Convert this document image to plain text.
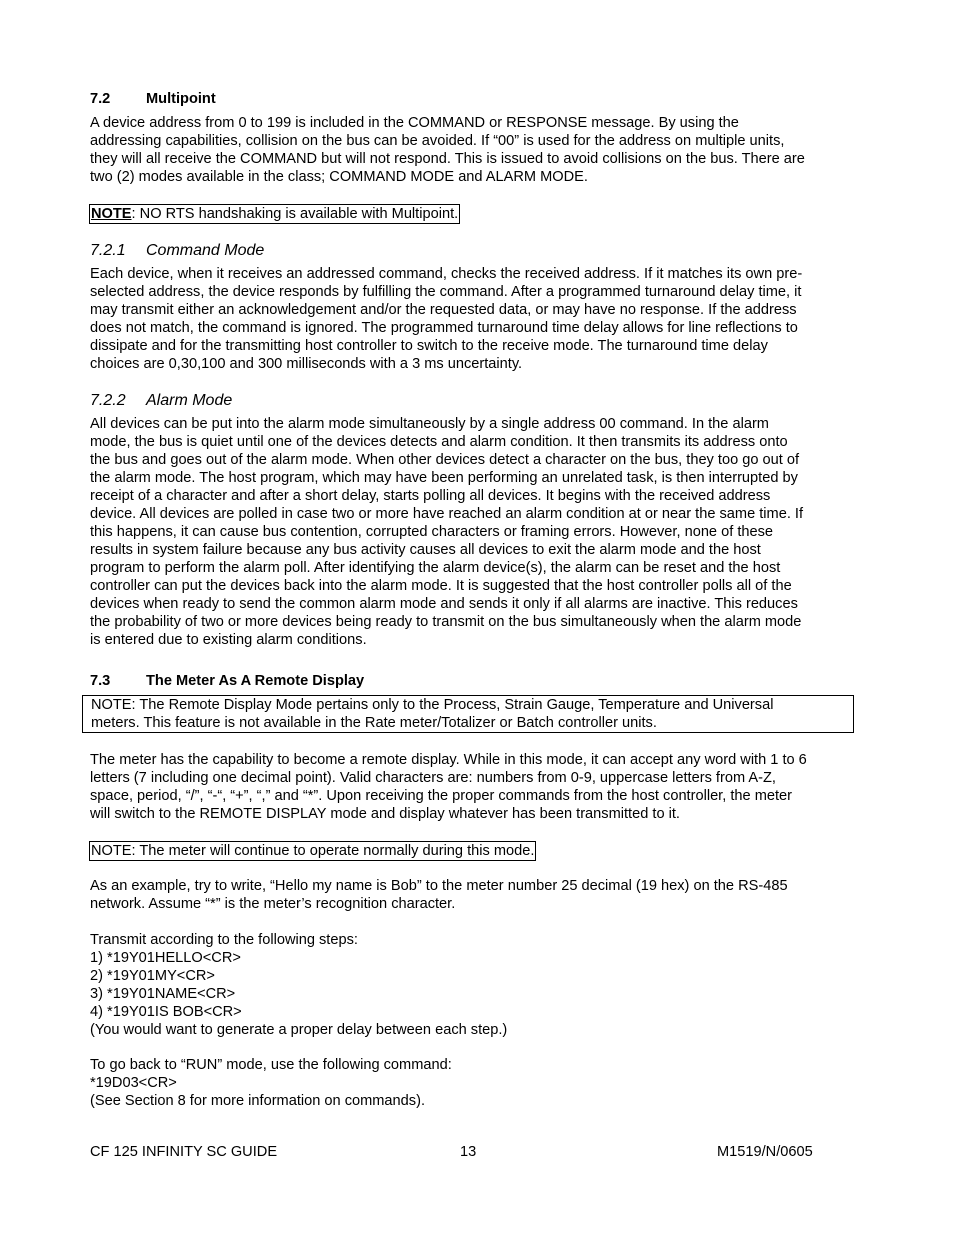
7.2 Multipoint
A device address from 0 to 199 is included in the COMMAND or RESPONSE message. By using the
addressing capabilities, collision on the bus can be avoided. If “00” is used for the address on multiple units,
they will all receive the COMMAND but will not respond. This is issued to avoid collisions on the bus. There are
two (2) modes available in the class; COMMAND MODE and ALARM MODE.
NOTE: NO RTS handshaking is available with Multipoint.
7.2.1 Command Mode
Each device, when it receives an addressed command, checks the received address. If it matches its own pre-
selected address, the device responds by fulfilling the command. After a programmed turnaround delay time, it
may transmit either an acknowledgement and/or the requested data, or may have no response. If the address
does not match, the command is ignored. The programmed turnaround time delay allows for line reflections to
dissipate and for the transmitting host controller to switch to the receive mode. The turnaround time delay
choices are 0,30,100 and 300 milliseconds with a 3 ms uncertainty.
7.2.2 Alarm Mode
All devices can be put into the alarm mode simultaneously by a single address 00 command. In the alarm
mode, the bus is quiet until one of the devices detects and alarm condition. It then transmits its address onto
the bus and goes out of the alarm mode. When other devices detect a character on the bus, they too go out of
the alarm mode. The host program, which may have been performing an unrelated task, is then interrupted by
receipt of a character and after a short delay, starts polling all devices. It begins with the received address
device. All devices are polled in case two or more have reached an alarm condition at or near the same time. If
this happens, it can cause bus contention, corrupted characters or framing errors. However, none of these
results in system failure because any bus activity causes all devices to exit the alarm mode and the host
program to perform the alarm poll. After identifying the alarm device(s), the alarm can be reset and the host
controller can put the devices back into the alarm mode. It is suggested that the host controller polls all of the
devices when ready to send the common alarm mode and sends it only if all alarms are inactive. This reduces
the probability of two or more devices being ready to transmit on the bus simultaneously when the alarm mode
is entered due to existing alarm conditions.
7.3 The Meter As A Remote Display
NOTE: The Remote Display Mode pertains only to the Process, Strain Gauge, Temperature and Universal
meters. This feature is not available in the Rate meter/Totalizer or Batch controller units.
The meter has the capability to become a remote display. While in this mode, it can accept any word with 1 to 6
letters (7 including one decimal point). Valid characters are: numbers from 0-9, uppercase letters from A-Z,
space, period, “/”, “-“, “+”, “,” and “*”. Upon receiving the proper commands from the host controller, the meter
will switch to the REMOTE DISPLAY mode and display whatever has been transmitted to it.
NOTE: The meter will continue to operate normally during this mode.
As an example, try to write, “Hello my name is Bob” to the meter number 25 decimal (19 hex) on the RS-485
network. Assume “*” is the meter’s recognition character.
Transmit according to the following steps:
1) *19Y01HELLO<CR>
2) *19Y01MY<CR>
3) *19Y01NAME<CR>
4) *19Y01IS BOB<CR>
(You would want to generate a proper delay between each step.)
To go back to “RUN” mode, use the following command:
*19D03<CR>
(See Section 8 for more information on commands).
CF 125 INFINITY SC GUIDE	13	M1519/N/0605
